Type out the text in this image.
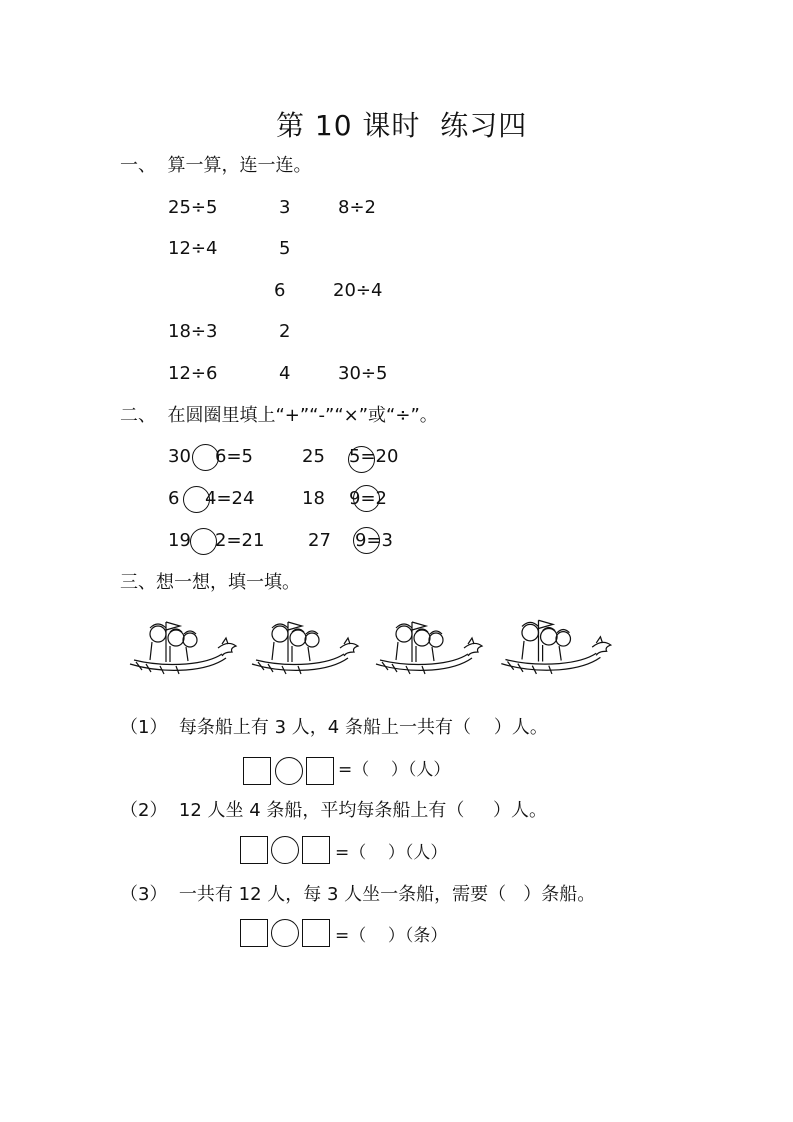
第 10 课时  练习四
一、  算一算，连一连。
25÷5
12÷4
18÷3
12÷6
3
5
6
2
4
8÷2
20÷4
30÷5
二、  在圆圈里填上“+”“-”“×”或“÷”。
30 6=5	25 5=20
6 4=24	18 9=2
19 2=21 27 9=3
三、想一想，填一填。
（1）  每条船上有 3 人，4 条船上一共有（    ）人。
=（    ）（人）
（2）  12 人坐 4 条船，平均每条船上有（     ）人。
=（    ）（人）
（3）  一共有 12 人，每 3 人坐一条船，需要（   ）条船。
=（    ）（条）
